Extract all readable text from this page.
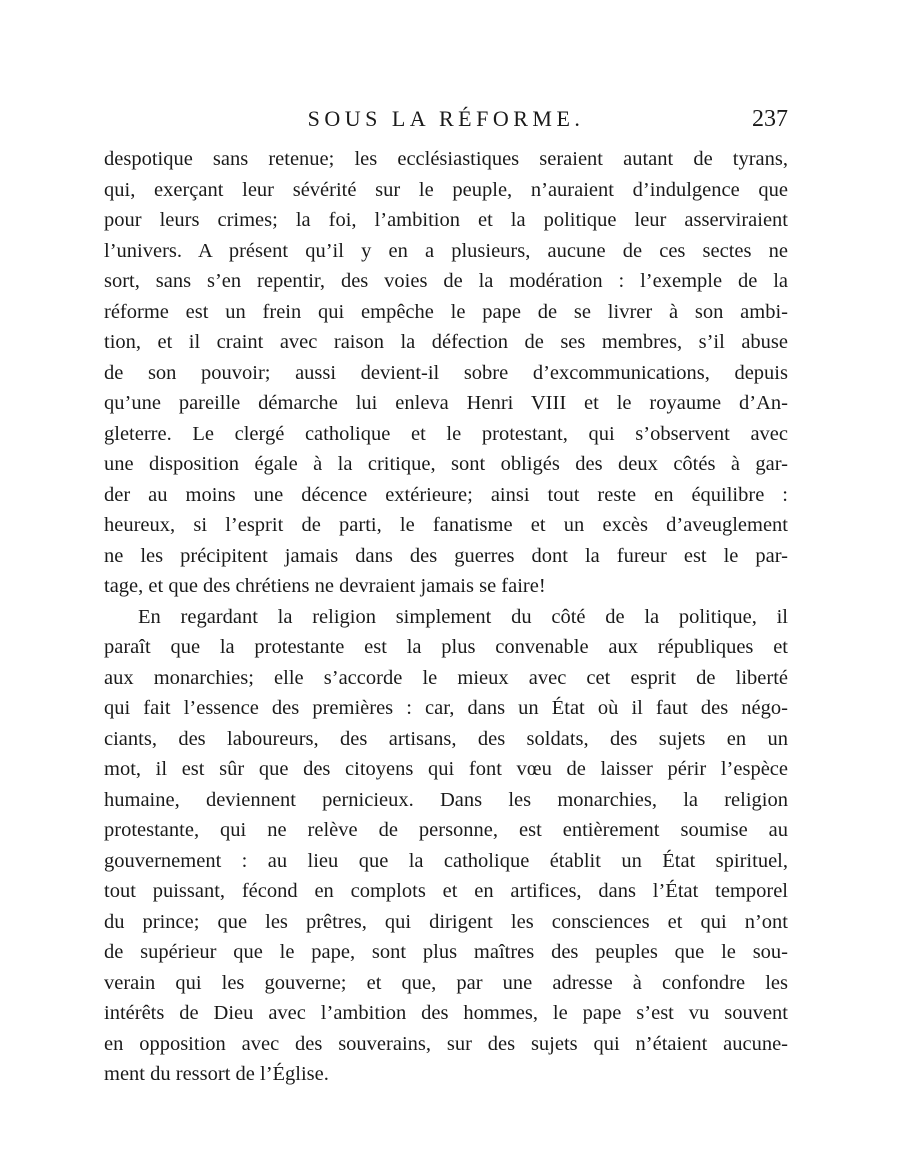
SOUS LA RÉFORME.	237
despotique sans retenue; les ecclésiastiques seraient autant de tyrans,
qui, exerçant leur sévérité sur le peuple, n’auraient d’indulgence que
pour leurs crimes; la foi, l’ambition et la politique leur asserviraient
l’univers. A présent qu’il y en a plusieurs, aucune de ces sectes ne
sort, sans s’en repentir, des voies de la modération : l’exemple de la
réforme est un frein qui empêche le pape de se livrer à son ambi-
tion, et il craint avec raison la défection de ses membres, s’il abuse
de son pouvoir; aussi devient-il sobre d’excommunications, depuis
qu’une pareille démarche lui enleva Henri VIII et le royaume d’An-
gleterre. Le clergé catholique et le protestant, qui s’observent avec
une disposition égale à la critique, sont obligés des deux côtés à gar-
der au moins une décence extérieure; ainsi tout reste en équilibre :
heureux, si l’esprit de parti, le fanatisme et un excès d’aveuglement
ne les précipitent jamais dans des guerres dont la fureur est le par-
tage, et que des chrétiens ne devraient jamais se faire!
En regardant la religion simplement du côté de la politique, il
paraît que la protestante est la plus convenable aux républiques et
aux monarchies; elle s’accorde le mieux avec cet esprit de liberté
qui fait l’essence des premières : car, dans un État où il faut des négo-
ciants, des laboureurs, des artisans, des soldats, des sujets en un
mot, il est sûr que des citoyens qui font vœu de laisser périr l’espèce
humaine, deviennent pernicieux. Dans les monarchies, la religion
protestante, qui ne relève de personne, est entièrement soumise au
gouvernement : au lieu que la catholique établit un État spirituel,
tout puissant, fécond en complots et en artifices, dans l’État temporel
du prince; que les prêtres, qui dirigent les consciences et qui n’ont
de supérieur que le pape, sont plus maîtres des peuples que le sou-
verain qui les gouverne; et que, par une adresse à confondre les
intérêts de Dieu avec l’ambition des hommes, le pape s’est vu souvent
en opposition avec des souverains, sur des sujets qui n’étaient aucune-
ment du ressort de l’Église.
